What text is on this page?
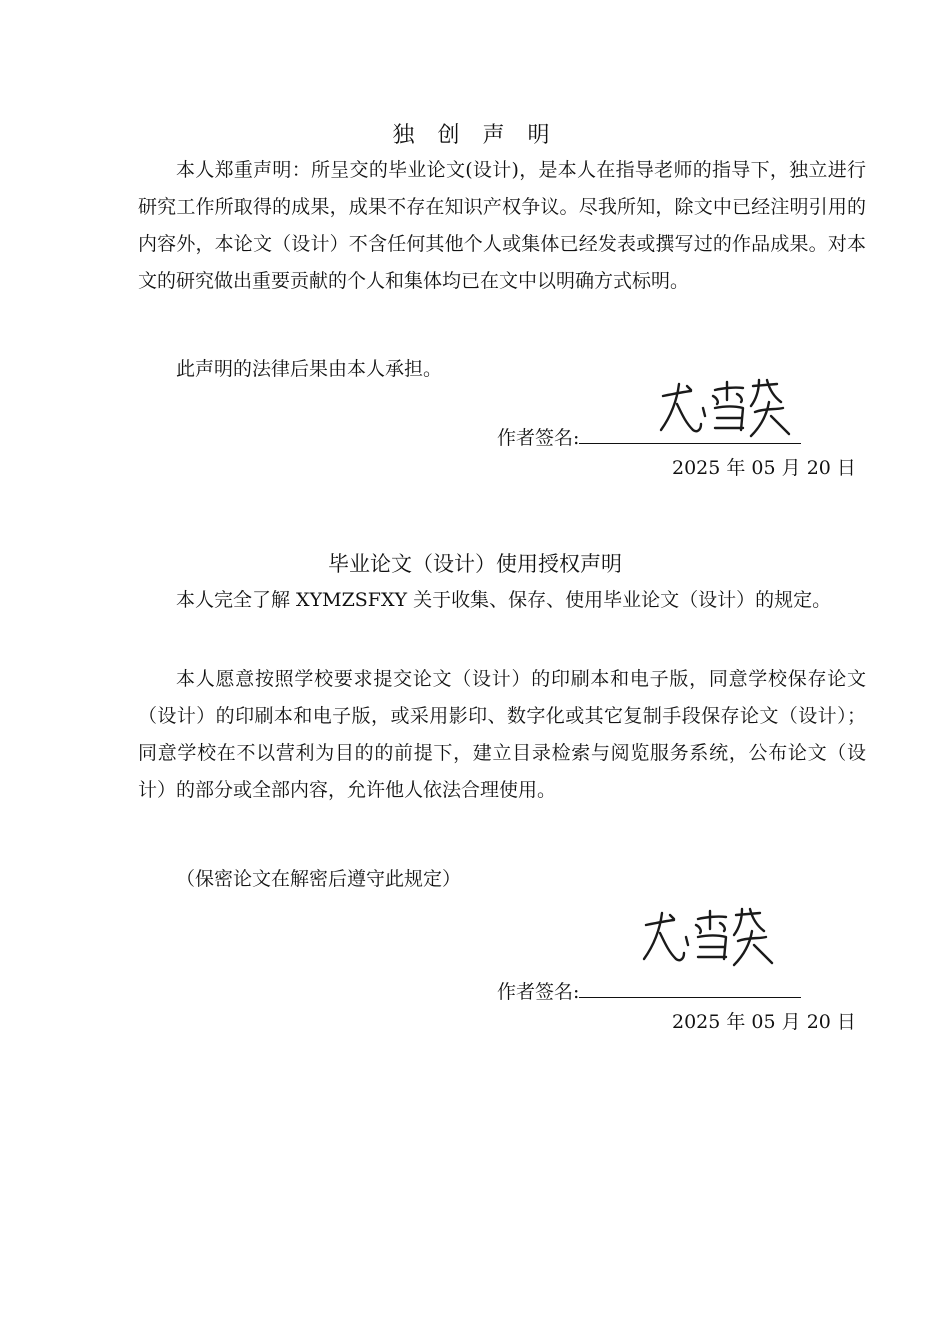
独 创 声 明

本人郑重声明：所呈交的毕业论文(设计)，是本人在指导老师的指导下，独立进行研究工作所取得的成果，成果不存在知识产权争议。尽我所知，除文中已经注明引用的内容外，本论文（设计）不含任何其他个人或集体已经发表或撰写过的作品成果。对本文的研究做出重要贡献的个人和集体均已在文中以明确方式标明。

此声明的法律后果由本人承担。

作者签名:
2025 年 05 月 20 日
毕业论文（设计）使用授权声明

本人完全了解 XYMZSFXY 关于收集、保存、使用毕业论文（设计）的规定。

本人愿意按照学校要求提交论文（设计）的印刷本和电子版，同意学校保存论文（设计）的印刷本和电子版，或采用影印、数字化或其它复制手段保存论文（设计）；同意学校在不以营利为目的的前提下，建立目录检索与阅览服务系统，公布论文（设计）的部分或全部内容，允许他人依法合理使用。

（保密论文在解密后遵守此规定）

作者签名:
2025 年 05 月 20 日
